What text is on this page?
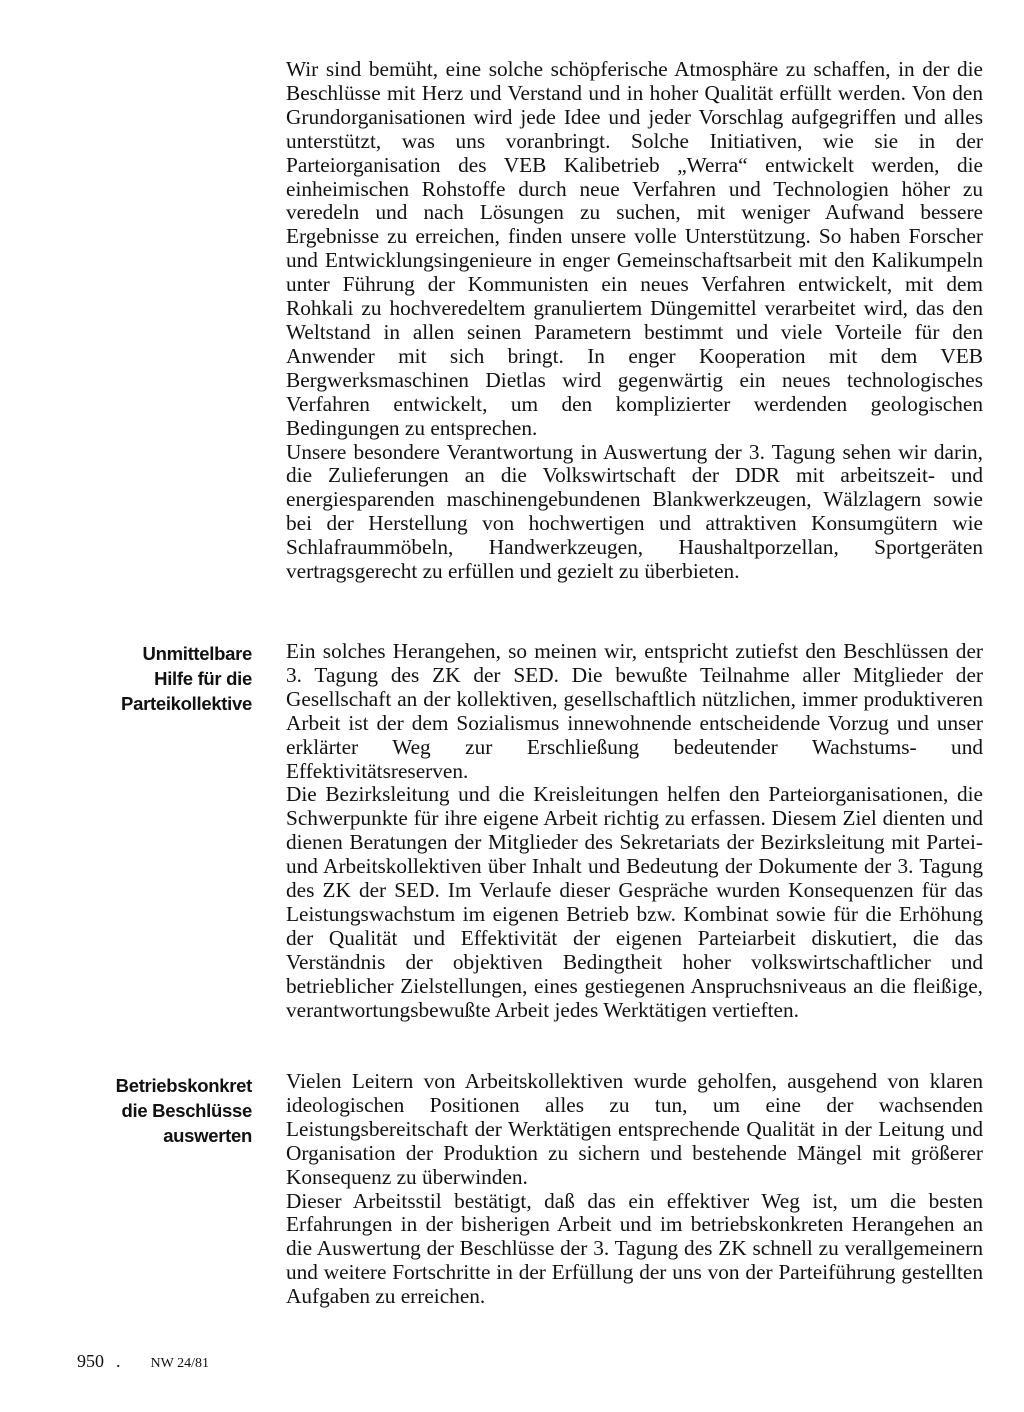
Wir sind bemüht, eine solche schöpferische Atmosphäre zu schaffen, in der die Beschlüsse mit Herz und Verstand und in hoher Qualität erfüllt werden. Von den Grundorganisationen wird jede Idee und jeder Vorschlag aufgegriffen und alles unterstützt, was uns voranbringt. Solche Initiativen, wie sie in der Parteiorganisation des VEB Kalibetrieb „Werra“ entwickelt werden, die einheimischen Rohstoffe durch neue Verfahren und Technologien höher zu veredeln und nach Lösungen zu suchen, mit weniger Aufwand bessere Ergebnisse zu erreichen, finden unsere volle Unterstützung. So haben Forscher und Entwicklungsingenieure in enger Gemeinschaftsarbeit mit den Kalikumpeln unter Führung der Kommunisten ein neues Verfahren entwickelt, mit dem Rohkali zu hochveredeltem granuliertem Düngemittel verarbeitet wird, das den Weltstand in allen seinen Parametern bestimmt und viele Vorteile für den Anwender mit sich bringt. In enger Kooperation mit dem VEB Bergwerksmaschinen Dietlas wird gegenwärtig ein neues technologisches Verfahren entwickelt, um den komplizierter werdenden geologischen Bedingungen zu entsprechen.

Unsere besondere Verantwortung in Auswertung der 3. Tagung sehen wir darin, die Zulieferungen an die Volkswirtschaft der DDR mit arbeitszeit- und energiesparenden maschinengebundenen Blankwerkzeugen, Wälzlagern sowie bei der Herstellung von hochwertigen und attraktiven Konsumgütern wie Schlafraummöbeln, Handwerkzeugen, Haushaltporzellan, Sportgeräten vertragsgerecht zu erfüllen und gezielt zu überbieten.

Unmittelbare
Hilfe für die
Parteikollektive

Ein solches Herangehen, so meinen wir, entspricht zutiefst den Beschlüssen der 3. Tagung des ZK der SED. Die bewußte Teilnahme aller Mitglieder der Gesellschaft an der kollektiven, gesellschaftlich nützlichen, immer produktiveren Arbeit ist der dem Sozialismus innewohnende entscheidende Vorzug und unser erklärter Weg zur Erschließung bedeutender Wachstums- und Effektivitätsreserven.

Die Bezirksleitung und die Kreisleitungen helfen den Parteiorganisationen, die Schwerpunkte für ihre eigene Arbeit richtig zu erfassen. Diesem Ziel dienten und dienen Beratungen der Mitglieder des Sekretariats der Bezirksleitung mit Partei- und Arbeitskollektiven über Inhalt und Bedeutung der Dokumente der 3. Tagung des ZK der SED. Im Verlaufe dieser Gespräche wurden Konsequenzen für das Leistungswachstum im eigenen Betrieb bzw. Kombinat sowie für die Erhöhung der Qualität und Effektivität der eigenen Parteiarbeit diskutiert, die das Verständnis der objektiven Bedingtheit hoher volkswirtschaftlicher und betrieblicher Zielstellungen, eines gestiegenen Anspruchsniveaus an die fleißige, verantwortungsbewußte Arbeit jedes Werktätigen vertieften.

Betriebskonkret
die Beschlüsse
auswerten

Vielen Leitern von Arbeitskollektiven wurde geholfen, ausgehend von klaren ideologischen Positionen alles zu tun, um eine der wachsenden Leistungsbereitschaft der Werktätigen entsprechende Qualität in der Leitung und Organisation der Produktion zu sichern und bestehende Mängel mit größerer Konsequenz zu überwinden.

Dieser Arbeitsstil bestätigt, daß das ein effektiver Weg ist, um die besten Erfahrungen in der bisherigen Arbeit und im betriebskonkreten Herangehen an die Auswertung der Beschlüsse der 3. Tagung des ZK schnell zu verallgemeinern und weitere Fortschritte in der Erfüllung der uns von der Parteiführung gestellten Aufgaben zu erreichen.

950 . NW 24/81
